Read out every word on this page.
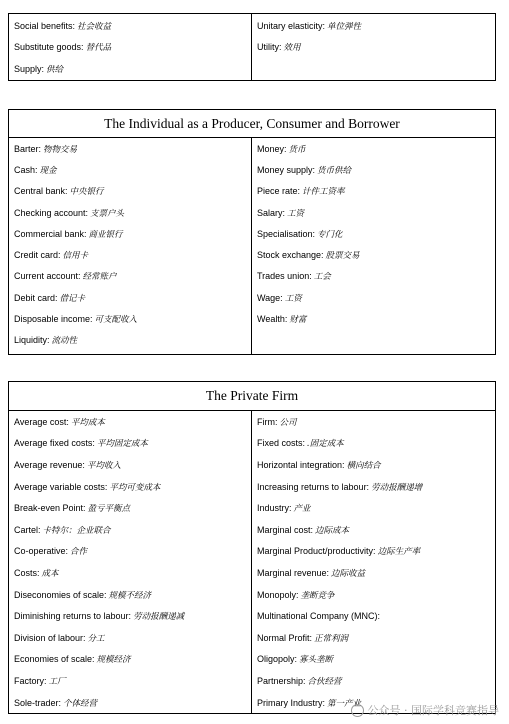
Social benefits: 社会收益
Substitute goods: 替代品
Supply: 供给
Unitary elasticity: 单位弹性
Utility: 效用
The Individual as a Producer, Consumer and Borrower
Barter: 物物交易
Cash: 现金
Central bank: 中央银行
Checking account: 支票户头
Commercial bank: 商业银行
Credit card: 信用卡
Current account: 经常账户
Debit card: 借记卡
Disposable income: 可支配收入
Liquidity: 流动性
Money: 货币
Money supply: 货币供给
Piece rate: 计件工资率
Salary: 工资
Specialisation: 专门化
Stock exchange: 股票交易
Trades union: 工会
Wage: 工资
Wealth: 财富
The Private Firm
Average cost: 平均成本
Average fixed costs: 平均固定成本
Average revenue: 平均收入
Average variable costs: 平均可变成本
Break-even Point: 盈亏平衡点
Cartel: 卡特尔：企业联合
Co-operative: 合作
Costs: 成本
Diseconomies of scale: 规模不经济
Diminishing returns to labour: 劳动报酬递减
Division of labour: 分工
Economies of scale: 规模经济
Factory: 工厂
Sole-trader: 个体经营
Firm: 公司
Fixed costs: .固定成本
Horizontal integration: 横向结合
Increasing returns to labour: 劳动报酬递增
Industry: 产业
Marginal cost: 边际成本
Marginal Product/productivity: 边际生产率
Marginal revenue: 边际收益
Monopoly: 垄断竞争
Multinational Company (MNC):
Normal Profit: 正常利润
Oligopoly: 寡头垄断
Partnership: 合伙经营
Primary Industry: 第一产业
公众号 · 国际学科竞赛指导
